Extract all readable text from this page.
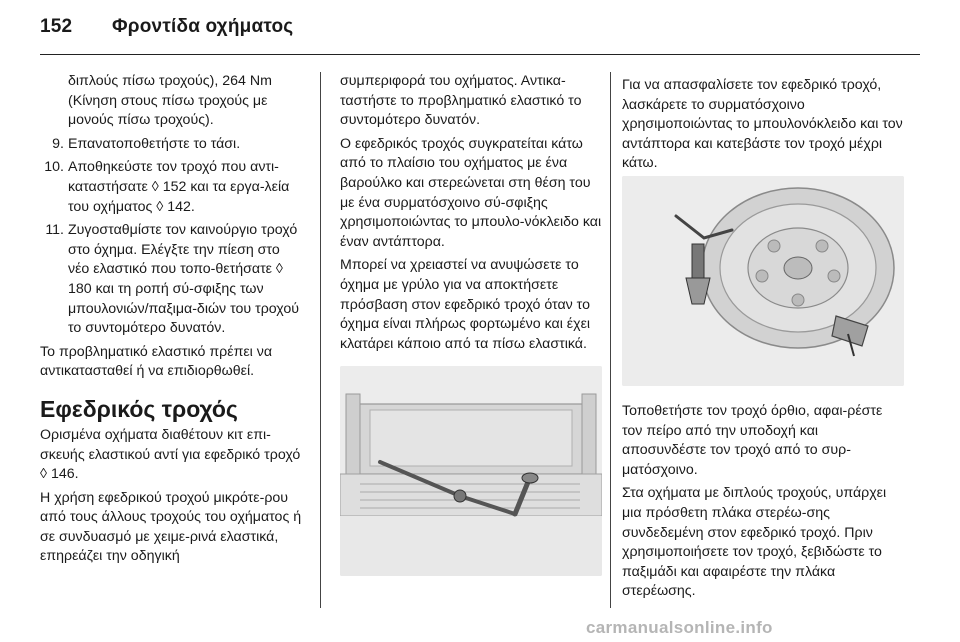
152 Φροντίδα οχήματος
διπλούς πίσω τροχούς), 264 Nm (Κίνηση στους πίσω τροχούς με μονούς πίσω τροχούς).
9. Επανατοποθετήστε το τάσι.
10. Αποθηκεύστε τον τροχό που αντι-καταστήσατε ◊ 152 και τα εργα-λεία του οχήματος ◊ 142.
11. Ζυγοσταθμίστε τον καινούργιο τροχό στο όχημα. Ελέγξτε την πίεση στο νέο ελαστικό που τοπο-θετήσατε ◊ 180 και τη ροπή σύ-σφιξης των μπουλονιών/παξιμα-διών του τροχού το συντομότερο δυνατόν.

Το προβληματικό ελαστικό πρέπει να αντικατασταθεί ή να επιδιορθωθεί.

Εφεδρικός τροχός

Ορισμένα οχήματα διαθέτουν κιτ επι-σκευής ελαστικού αντί για εφεδρικό τροχό ◊ 146.

Η χρήση εφεδρικού τροχού μικρότε-ρου από τους άλλους τροχούς του οχήματος ή σε συνδυασμό με χειμε-ρινά ελαστικά, επηρεάζει την οδηγική

συμπεριφορά του οχήματος. Αντικα-ταστήστε το προβληματικό ελαστικό το συντομότερο δυνατόν.

Ο εφεδρικός τροχός συγκρατείται κάτω από το πλαίσιο του οχήματος με ένα βαρούλκο και στερεώνεται στη θέση του με ένα συρματόσχοινο σύ-σφιξης χρησιμοποιώντας το μπουλο-νόκλειδο και έναν αντάπτορα.

Μπορεί να χρειαστεί να ανυψώσετε το όχημα με γρύλο για να αποκτήσετε πρόσβαση στον εφεδρικό τροχό όταν το όχημα είναι πλήρως φορτωμένο και έχει κλατάρει κάποιο από τα πίσω ελαστικά.

Για να απασφαλίσετε τον εφεδρικό τροχό, λασκάρετε το συρματόσχοινο χρησιμοποιώντας το μπουλονόκλειδο και τον αντάπτορα και κατεβάστε τον τροχό μέχρι κάτω.

Τοποθετήστε τον τροχό όρθιο, αφαι-ρέστε τον πείρο από την υποδοχή και αποσυνδέστε τον τροχό από το συρ-ματόσχοινο.

Στα οχήματα με διπλούς τροχούς, υπάρχει μια πρόσθετη πλάκα στερέω-σης συνδεδεμένη στον εφεδρικό τροχό. Πριν χρησιμοποιήσετε τον τροχό, ξεβιδώστε το παξιμάδι και αφαιρέστε την πλάκα στερέωσης.

carmanualsonline.info
